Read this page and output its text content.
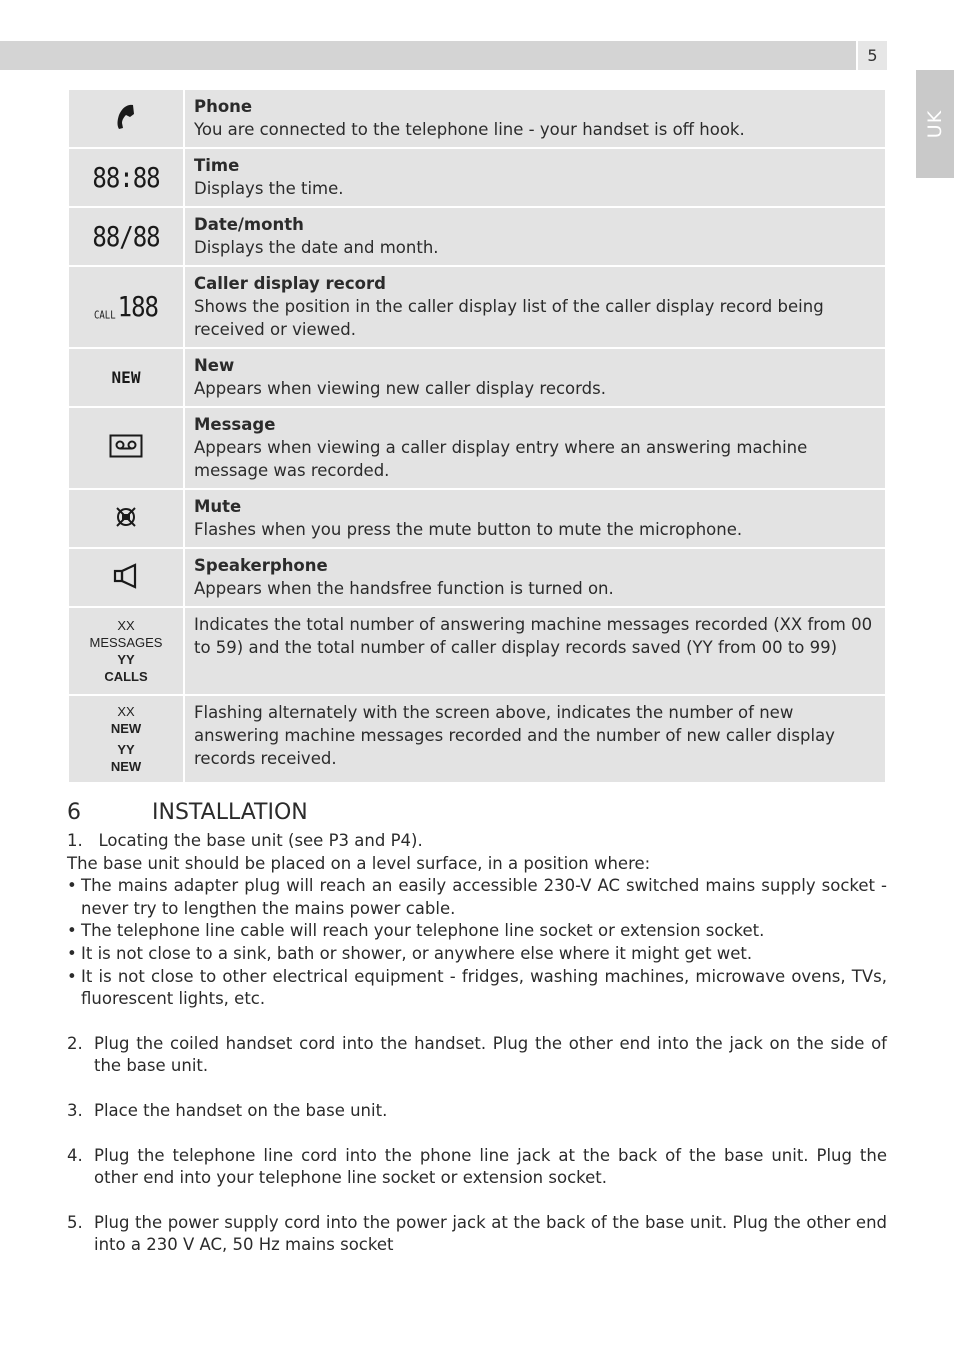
5
UK

Phone
You are connected to the telephone line - your handset is off hook.

88:88	Time
Displays the time.

88/88	Date/month
Displays the date and month.

CALL188	Caller display record
Shows the position in the caller display list of the caller display record being received or viewed.

NEW	New
Appears when viewing new caller display records.

Message
Appears when viewing a caller display entry where an answering machine message was recorded.

Mute
Flashes when you press the mute button to mute the microphone.

Speakerphone
Appears when the handsfree function is turned on.

XX
MESSAGES
YY
CALLS	Indicates the total number of answering machine messages recorded (XX from 00 to 59) and the total number of caller display records saved (YY from 00 to 99)

XX
NEW
YY
NEW	Flashing alternately with the screen above, indicates the number of new answering machine messages recorded and the number of new caller display records received.
6	INSTALLATION
1.   Locating the base unit (see P3 and P4).
The base unit should be placed on a level surface, in a position where:
• The mains adapter plug will reach an easily accessible 230-V AC switched mains supply socket - never try to lengthen the mains power cable.
• The telephone line cable will reach your telephone line socket or extension socket.
• It is not close to a sink, bath or shower, or anywhere else where it might get wet.
• It is not close to other electrical equipment - fridges, washing machines, microwave ovens, TVs, fluorescent lights, etc.
2. Plug the coiled handset cord into the handset. Plug the other end into the jack on the side of the base unit.
3. Place the handset on the base unit.
4. Plug the telephone line cord into the phone line jack at the back of the base unit. Plug the other end into your telephone line socket or extension socket.
5. Plug the power supply cord into the power jack at the back of the base unit. Plug the other end into a 230 V AC, 50 Hz mains socket
